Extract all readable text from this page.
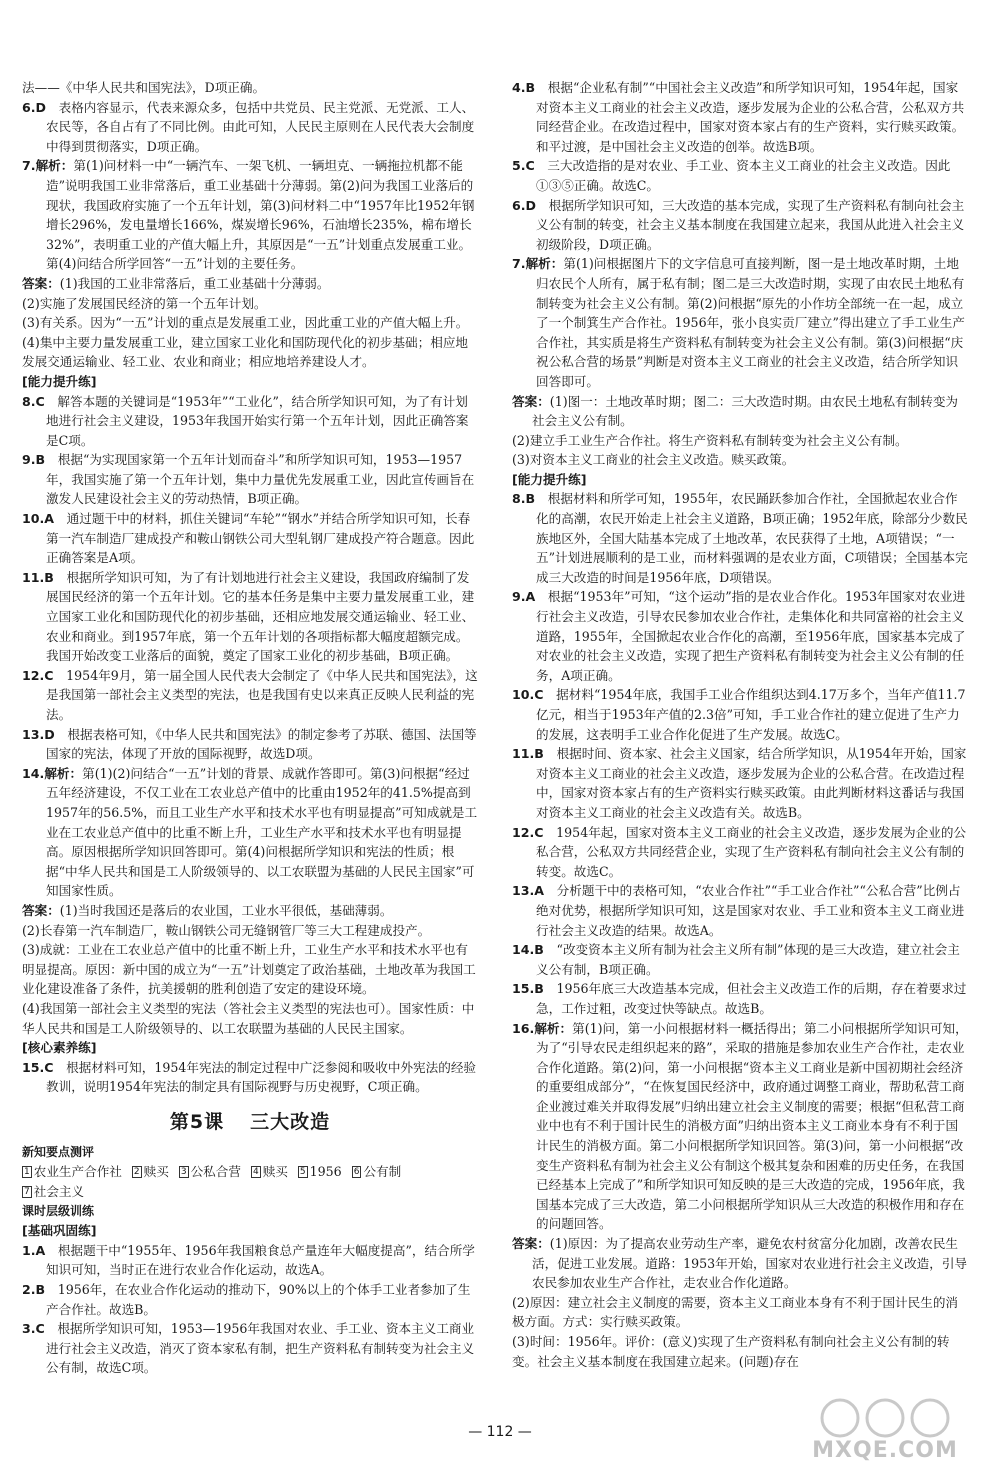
法——《中华人民共和国宪法》，D项正确。

6.D　表格内容显示，代表来源众多，包括中共党员、民主党派、无党派、工人、农民等，各自占有了不同比例。由此可知，人民民主原则在人民代表大会制度中得到贯彻落实，D项正确。

7.解析：第(1)问材料一中“一辆汽车、一架飞机、一辆坦克、一辆拖拉机都不能造”说明我国工业非常落后，重工业基础十分薄弱。第(2)问为我国工业落后的现状，我国政府实施了一个五年计划，第(3)问材料二中“1957年比1952年钢增长296%，发电量增长166%，煤炭增长96%，石油增长235%，棉布增长32%”，表明重工业的产值大幅上升，其原因是“一五”计划重点发展重工业。第(4)问结合所学回答“一五”计划的主要任务。

答案：(1)我国的工业非常落后，重工业基础十分薄弱。

(2)实施了发展国民经济的第一个五年计划。

(3)有关系。因为“一五”计划的重点是发展重工业，因此重工业的产值大幅上升。

(4)集中主要力量发展重工业，建立国家工业化和国防现代化的初步基础；相应地发展交通运输业、轻工业、农业和商业；相应地培养建设人才。

[能力提升练]

8.C　解答本题的关键词是“1953年”“工业化”，结合所学知识可知，为了有计划地进行社会主义建设，1953年我国开始实行第一个五年计划，因此正确答案是C项。

9.B　根据“为实现国家第一个五年计划而奋斗”和所学知识可知，1953—1957年，我国实施了第一个五年计划，集中力量优先发展重工业，因此宣传画旨在激发人民建设社会主义的劳动热情，B项正确。

10.A　通过题干中的材料，抓住关键词“车轮”“钢水”并结合所学知识可知，长春第一汽车制造厂建成投产和鞍山钢铁公司大型轧钢厂建成投产符合题意。因此正确答案是A项。

11.B　根据所学知识可知，为了有计划地进行社会主义建设，我国政府编制了发展国民经济的第一个五年计划。它的基本任务是集中主要力量发展重工业，建立国家工业化和国防现代化的初步基础，还相应地发展交通运输业、轻工业、农业和商业。到1957年底，第一个五年计划的各项指标都大幅度超额完成。我国开始改变工业落后的面貌，奠定了国家工业化的初步基础，B项正确。

12.C　1954年9月，第一届全国人民代表大会制定了《中华人民共和国宪法》，这是我国第一部社会主义类型的宪法，也是我国有史以来真正反映人民利益的宪法。

13.D　根据表格可知，《中华人民共和国宪法》的制定参考了苏联、德国、法国等国家的宪法，体现了开放的国际视野，故选D项。

14.解析：第(1)(2)问结合“一五”计划的背景、成就作答即可。第(3)问根据“经过五年经济建设，不仅工业在工农业总产值中的比重由1952年的41.5%提高到1957年的56.5%，而且工业生产水平和技术水平也有明显提高”可知成就是工业在工农业总产值中的比重不断上升，工业生产水平和技术水平也有明显提高。原因根据所学知识回答即可。第(4)问根据所学知识和宪法的性质；根据“中华人民共和国是工人阶级领导的、以工农联盟为基础的人民民主国家”可知国家性质。

答案：(1)当时我国还是落后的农业国，工业水平很低，基础薄弱。

(2)长春第一汽车制造厂，鞍山钢铁公司无缝钢管厂等三大工程建成投产。

(3)成就：工业在工农业总产值中的比重不断上升，工业生产水平和技术水平也有明显提高。原因：新中国的成立为“一五”计划奠定了政治基础，土地改革为我国工业化建设准备了条件，抗美援朝的胜利创造了安定的建设环境。

(4)我国第一部社会主义类型的宪法（答社会主义类型的宪法也可）。国家性质：中华人民共和国是工人阶级领导的、以工农联盟为基础的人民民主国家。

[核心素养练]

15.C　根据材料可知，1954年宪法的制定过程中广泛参阅和吸收中外宪法的经验教训，说明1954年宪法的制定具有国际视野与历史视野，C项正确。

第5课 三大改造

新知要点测评

1 农业生产合作社 2 赎买 3 公私合营 4 赎买 5 1956 6 公有制 7 社会主义

课时层级训练

[基础巩固练]

1.A　根据题干中“1955年、1956年我国粮食总产量连年大幅度提高”，结合所学知识可知，当时正在进行农业合作化运动，故选A。

2.B　1956年，在农业合作化运动的推动下，90%以上的个体手工业者参加了生产合作社。故选B。

3.C　根据所学知识可知，1953—1956年我国对农业、手工业、资本主义工商业进行社会主义改造，消灭了资本家私有制，把生产资料私有制转变为社会主义公有制，故选C项。

4.B　根据“企业私有制”“中国社会主义改造”和所学知识可知，1954年起，国家对资本主义工商业的社会主义改造，逐步发展为企业的公私合营，公私双方共同经营企业。在改造过程中，国家对资本家占有的生产资料，实行赎买政策。和平过渡，是中国社会主义改造的创举。故选B项。

5.C　三大改造指的是对农业、手工业、资本主义工商业的社会主义改造。因此①③⑤正确。故选C。

6.D　根据所学知识可知，三大改造的基本完成，实现了生产资料私有制向社会主义公有制的转变，社会主义基本制度在我国建立起来，我国从此进入社会主义初级阶段，D项正确。

7.解析：第(1)问根据图片下的文字信息可直接判断，图一是土地改革时期，土地归农民个人所有，属于私有制；图二是三大改造时期，实现了由农民土地私有制转变为社会主义公有制。第(2)问根据“原先的小作坊全部统一在一起，成立了一个制箕生产合作社。1956年，张小良实贡厂建立”得出建立了手工业生产合作社，其实质是将生产资料私有制转变为社会主义公有制。第(3)问根据“庆祝公私合营的场景”判断是对资本主义工商业的社会主义改造，结合所学知识回答即可。

答案：(1)图一：土地改革时期；图二：三大改造时期。由农民土地私有制转变为社会主义公有制。

(2)建立手工业生产合作社。将生产资料私有制转变为社会主义公有制。

(3)对资本主义工商业的社会主义改造。赎买政策。

[能力提升练]

8.B　根据材料和所学可知，1955年，农民踊跃参加合作社，全国掀起农业合作化的高潮，农民开始走上社会主义道路，B项正确；1952年底，除部分少数民族地区外，全国大陆基本完成了土地改革，农民获得了土地，A项错误；“一五”计划进展顺利的是工业，而材料强调的是农业方面，C项错误；全国基本完成三大改造的时间是1956年底，D项错误。

9.A　根据“1953年”可知，“这个运动”指的是农业合作化。1953年国家对农业进行社会主义改造，引导农民参加农业合作社，走集体化和共同富裕的社会主义道路，1955年，全国掀起农业合作化的高潮，至1956年底，国家基本完成了对农业的社会主义改造，实现了把生产资料私有制转变为社会主义公有制的任务，A项正确。

10.C　据材料“1954年底，我国手工业合作组织达到4.17万多个，当年产值11.7亿元，相当于1953年产值的2.3倍”可知，手工业合作社的建立促进了生产力的发展，这表明手工业合作化促进了生产发展。故选C。

11.B　根据时间、资本家、社会主义国家，结合所学知识，从1954年开始，国家对资本主义工商业的社会主义改造，逐步发展为企业的公私合营。在改造过程中，国家对资本家占有的生产资料实行赎买政策。由此判断材料这番话与我国对资本主义工商业的社会主义改造有关。故选B。

12.C　1954年起，国家对资本主义工商业的社会主义改造，逐步发展为企业的公私合营，公私双方共同经营企业，实现了生产资料私有制向社会主义公有制的转变。故选C。

13.A　分析题干中的表格可知，“农业合作社”“手工业合作社”“公私合营”比例占绝对优势，根据所学知识可知，这是国家对农业、手工业和资本主义工商业进行社会主义改造的结果。故选A。

14.B　“改变资本主义所有制为社会主义所有制”体现的是三大改造，建立社会主义公有制，B项正确。

15.B　1956年底三大改造基本完成，但社会主义改造工作的后期，存在着要求过急，工作过粗，改变过快等缺点。故选B。

16.解析：第(1)问，第一小问根据材料一概括得出；第二小问根据所学知识可知，为了“引导农民走组织起来的路”，采取的措施是参加农业生产合作社，走农业合作化道路。第(2)问，第一小问根据“资本主义工商业是新中国初期社会经济的重要组成部分”，“在恢复国民经济中，政府通过调整工商业，帮助私营工商企业渡过难关并取得发展”归纳出建立社会主义制度的需要；根据“但私营工商业中也有不利于国计民生的消极方面”归纳出资本主义工商业本身有不利于国计民生的消极方面。第二小问根据所学知识回答。第(3)问，第一小问根据“改变生产资料私有制为社会主义公有制这个极其复杂和困难的历史任务，在我国已经基本上完成了”和所学知识可知反映的是三大改造的完成，1956年底，我国基本完成了三大改造，第二小问根据所学知识从三大改造的积极作用和存在的问题回答。

答案：(1)原因：为了提高农业劳动生产率，避免农村贫富分化加剧，改善农民生活，促进工业发展。道路：1953年开始，国家对农业进行社会主义改造，引导农民参加农业生产合作社，走农业合作化道路。

(2)原因：建立社会主义制度的需要，资本主义工商业本身有不利于国计民生的消极方面。方式：实行赎买政策。

(3)时间：1956年。评价：(意义)实现了生产资料私有制向社会主义公有制的转变。社会主义基本制度在我国建立起来。(问题)存在

— 112 —
MXQE.COM
